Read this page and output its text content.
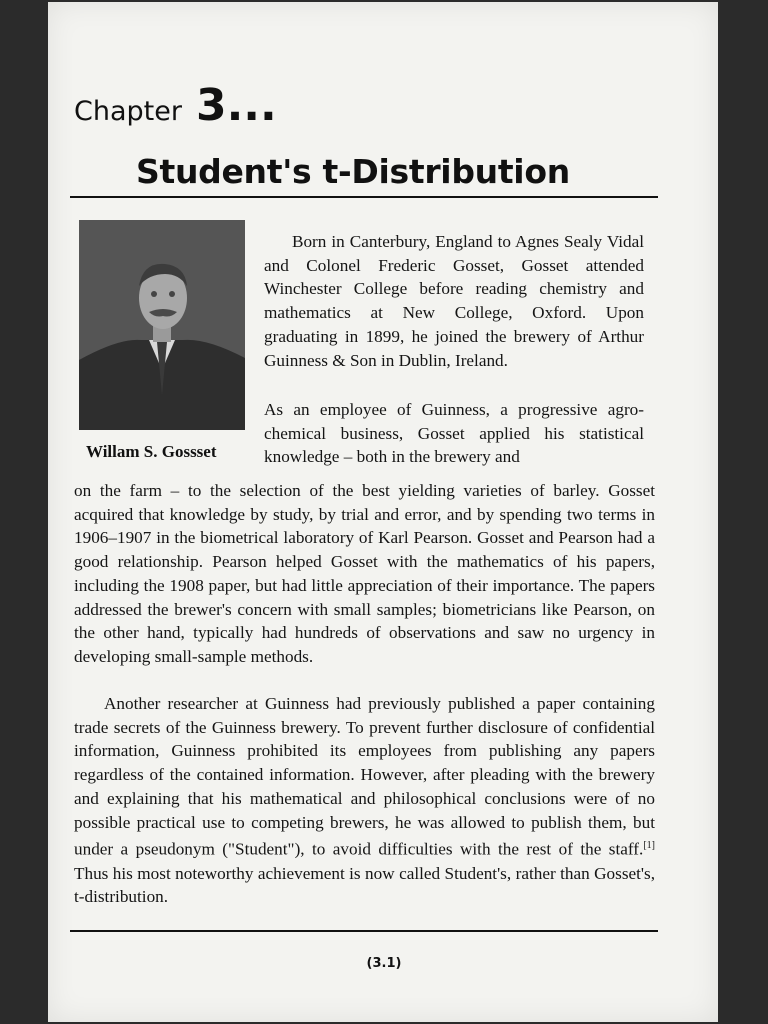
Chapter 3...
Student's t-Distribution
Willam S. Gossset

Born in Canterbury, England to Agnes Sealy Vidal and Colonel Frederic Gosset, Gosset attended Winchester College before reading chemistry and mathematics at New College, Oxford. Upon graduating in 1899, he joined the brewery of Arthur Guinness & Son in Dublin, Ireland.

As an employee of Guinness, a progressive agro-chemical business, Gosset applied his statistical knowledge – both in the brewery and

on the farm – to the selection of the best yielding varieties of barley. Gosset acquired that knowledge by study, by trial and error, and by spending two terms in 1906–1907 in the biometrical laboratory of Karl Pearson. Gosset and Pearson had a good relationship. Pearson helped Gosset with the mathematics of his papers, including the 1908 paper, but had little appreciation of their importance. The papers addressed the brewer's concern with small samples; biometricians like Pearson, on the other hand, typically had hundreds of observations and saw no urgency in developing small-sample methods.

Another researcher at Guinness had previously published a paper containing trade secrets of the Guinness brewery. To prevent further disclosure of confidential information, Guinness prohibited its employees from publishing any papers regardless of the contained information. However, after pleading with the brewery and explaining that his mathematical and philosophical conclusions were of no possible practical use to competing brewers, he was allowed to publish them, but under a pseudonym ("Student"), to avoid difficulties with the rest of the staff.[1] Thus his most noteworthy achievement is now called Student's, rather than Gosset's, t-distribution.

(3.1)
